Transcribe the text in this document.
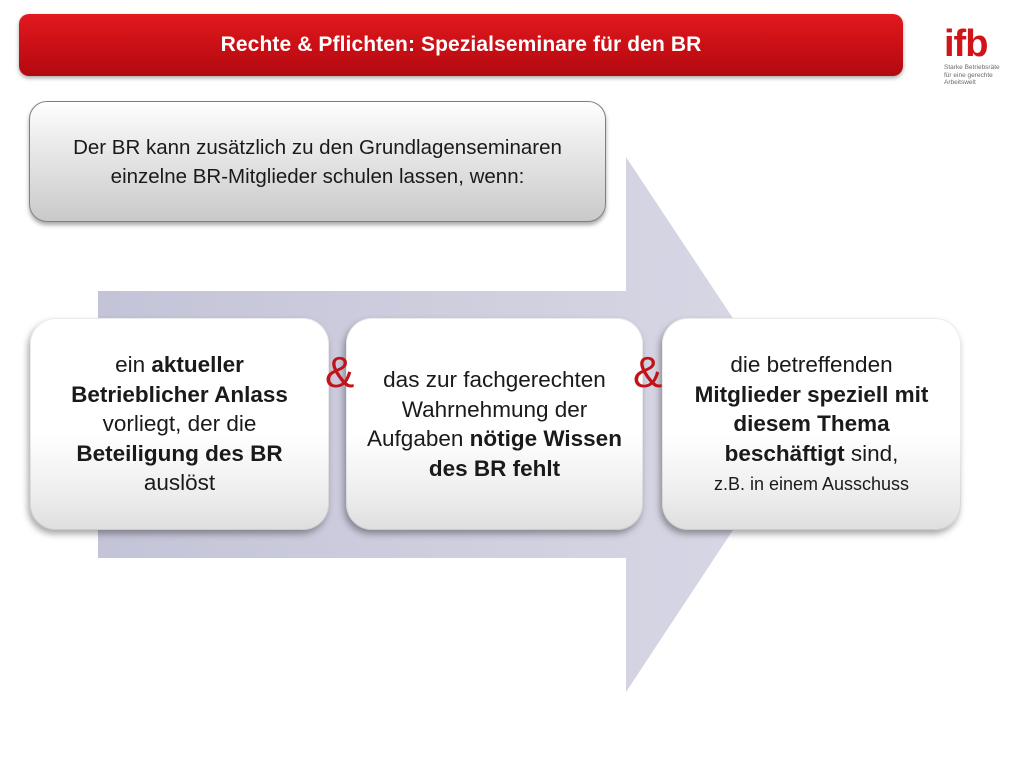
Rechte & Pflichten: Spezialseminare für den BR	ifb
Starke Betriebsräte für eine gerechte Arbeitswelt
Der BR kann zusätzlich zu den Grundlagenseminaren einzelne BR-Mitglieder schulen lassen, wenn:
ein aktueller Betrieblicher Anlass vorliegt, der die Beteiligung des BR auslöst
das zur fachgerechten Wahrnehmung der Aufgaben nötige Wissen des BR fehlt
die betreffenden Mitglieder speziell mit diesem Thema beschäftigt sind,
z.B. in einem Ausschuss
&	&
